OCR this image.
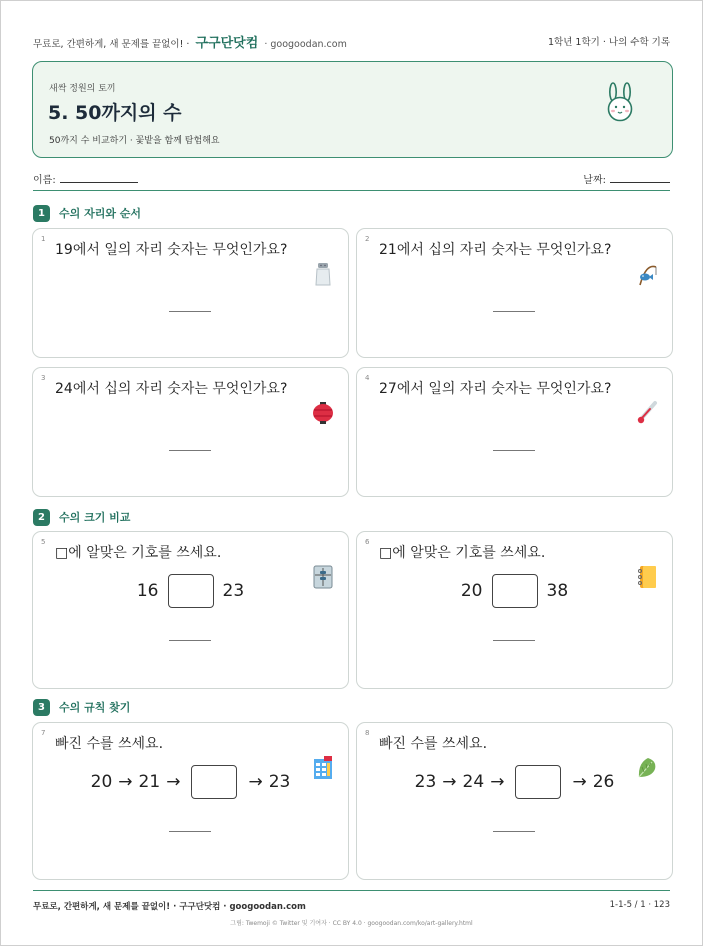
무료로, 간편하게, 새 문제를 끝없이! · 구구단닷컴 · googoodan.com	1학년 1학기 · 나의 수학 기록
새싹 정원의 토끼
5. 50까지의 수
50까지 수 비교하기 · 꽃밭을 함께 탐험해요
이름:	날짜:
1	수의 자리와 순서
1
19에서 일의 자리 숫자는 무엇인가요?
2
21에서 십의 자리 숫자는 무엇인가요?
3
24에서 십의 자리 숫자는 무엇인가요?
4
27에서 일의 자리 숫자는 무엇인가요?
2	수의 크기 비교
5
□에 알맞은 기호를 쓰세요.
16	23
6
□에 알맞은 기호를 쓰세요.
20	38
3	수의 규칙 찾기
7
빠진 수를 쓰세요.
20 → 21 →	→ 23
8
빠진 수를 쓰세요.
23 → 24 →	→ 26
무료로, 간편하게, 새 문제를 끝없이! · 구구단닷컴 · googoodan.com	1-1-5 / 1 · 123
그림: Twemoji © Twitter 및 기여자 · CC BY 4.0 · googoodan.com/ko/art-gallery.html
